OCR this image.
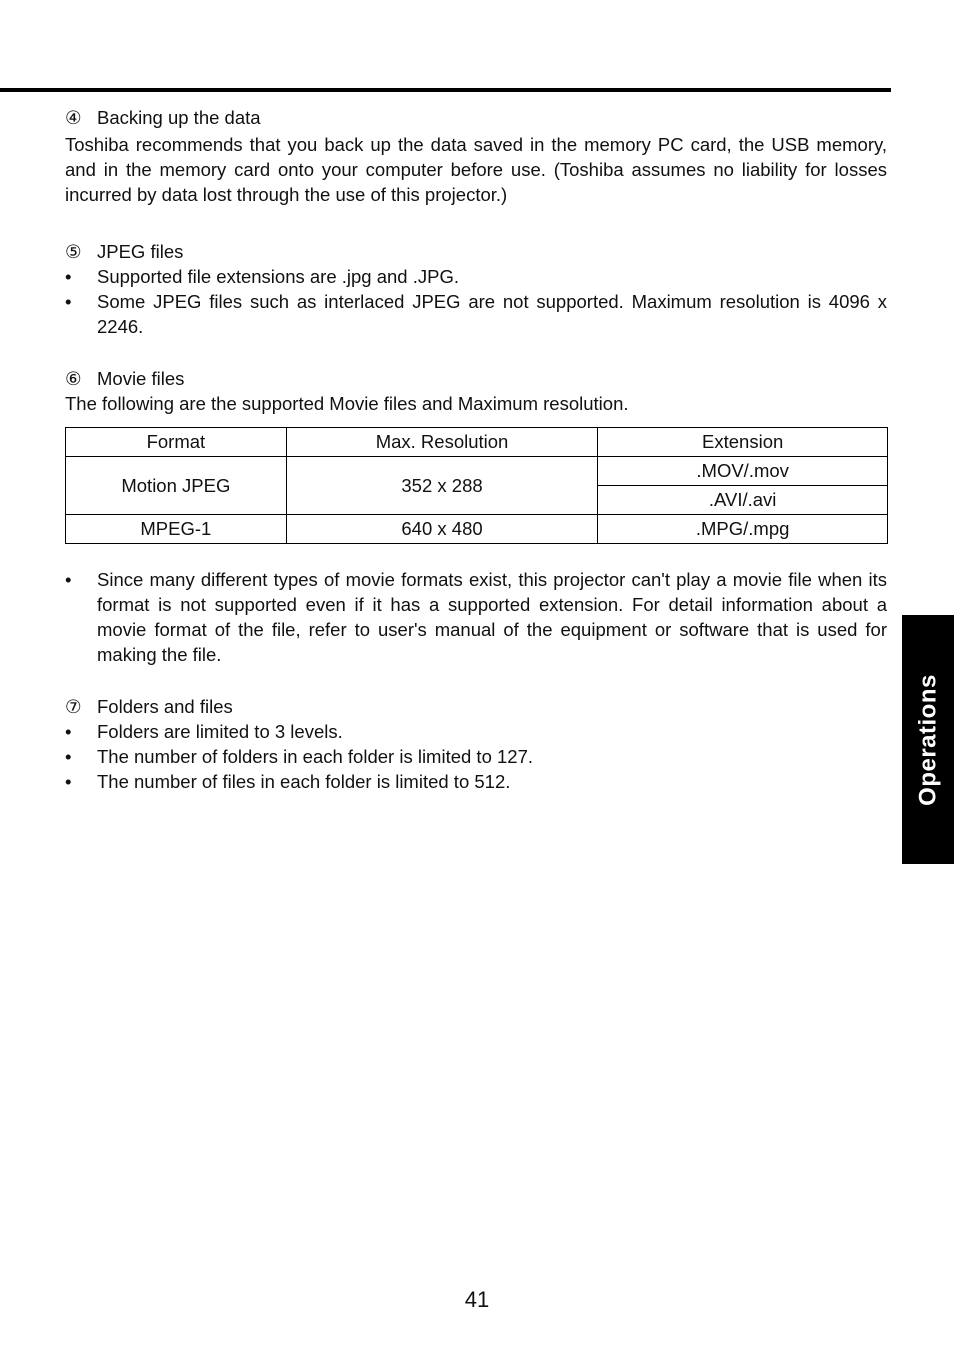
④ Backing up the data
Toshiba recommends that you back up the data saved in the memory PC card, the USB memory, and in the memory card onto your computer before use. (Toshiba assumes no liability for losses incurred by data lost through the use of this projector.)
⑤ JPEG files
•	Supported file extensions are .jpg and .JPG.
•	Some JPEG files such as interlaced JPEG are not supported. Maximum resolution is 4096 x 2246.
⑥ Movie files
The following are the supported Movie files and Maximum resolution.
Format	Max. Resolution	Extension
Motion JPEG	352 x 288	.MOV/.mov
		.AVI/.avi
MPEG-1	640 x 480	.MPG/.mpg
•	Since many different types of movie formats exist, this projector can't play a movie file when its format is not supported even if it has a supported extension. For detail information about a movie format of the file, refer to user's manual of the equipment or software that is used for making the file.
⑦ Folders and files
•	Folders are limited to 3 levels.
•	The number of folders in each folder is limited to 127.
•	The number of files in each folder is limited to 512.	Operations
41
